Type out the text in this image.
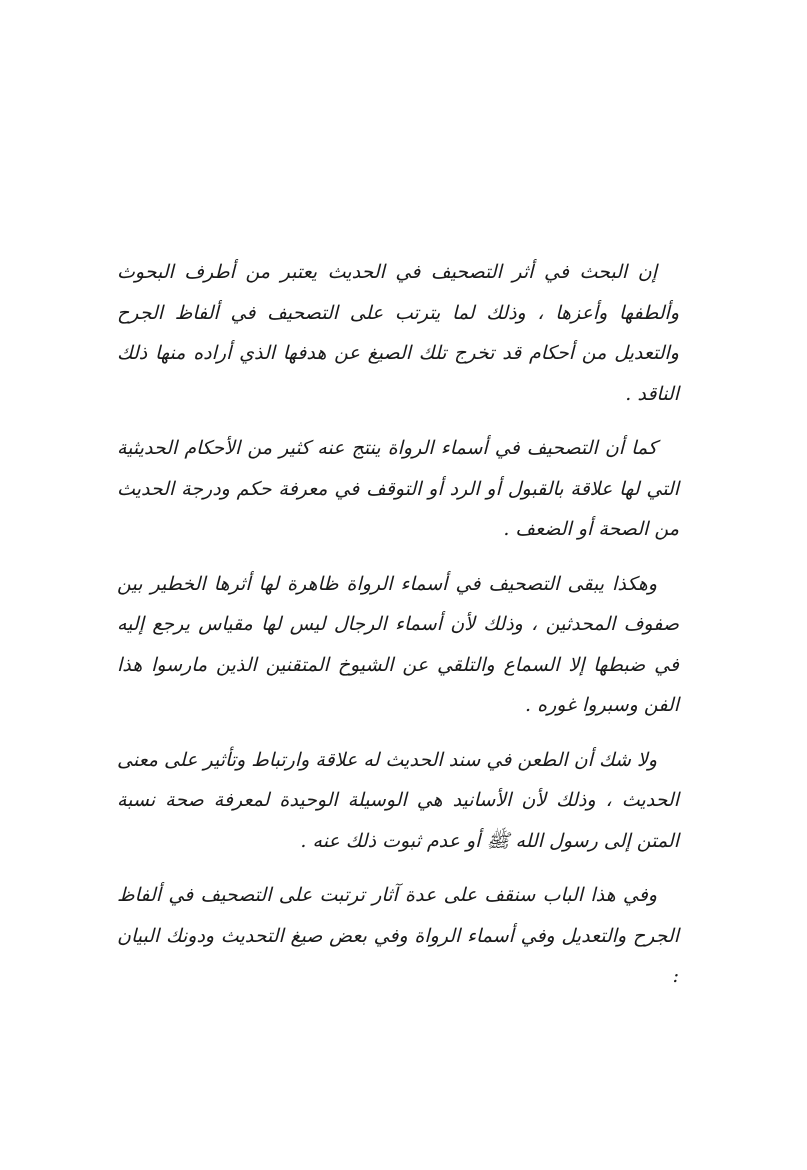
إن البحث في أثر التصحيف في الحديث يعتبر من أطرف البحوث وألطفها وأعزها ، وذلك لما يترتب على التصحيف في ألفاظ الجرح والتعديل من أحكام قد تخرج تلك الصيغ عن هدفها الذي أراده منها ذلك الناقد .

كما أن التصحيف في أسماء الرواة ينتج عنه كثير من الأحكام الحديثية التي لها علاقة بالقبول أو الرد أو التوقف في معرفة حكم ودرجة الحديث من الصحة أو الضعف .

وهكذا يبقى التصحيف في أسماء الرواة ظاهرة لها أثرها الخطير بين صفوف المحدثين ، وذلك لأن أسماء الرجال ليس لها مقياس يرجع إليه في ضبطها إلا السماع والتلقي عن الشيوخ المتقنين الذين مارسوا هذا الفن وسبروا غوره .

ولا شك أن الطعن في سند الحديث له علاقة وارتباط وتأثير على معنى الحديث ، وذلك لأن الأسانيد هي الوسيلة الوحيدة لمعرفة صحة نسبة المتن إلى رسول الله ﷺ أو عدم ثبوت ذلك عنه .

وفي هذا الباب سنقف على عدة آثار ترتبت على التصحيف في ألفاظ الجرح والتعديل وفي أسماء الرواة وفي بعض صيغ التحديث ودونك البيان :
